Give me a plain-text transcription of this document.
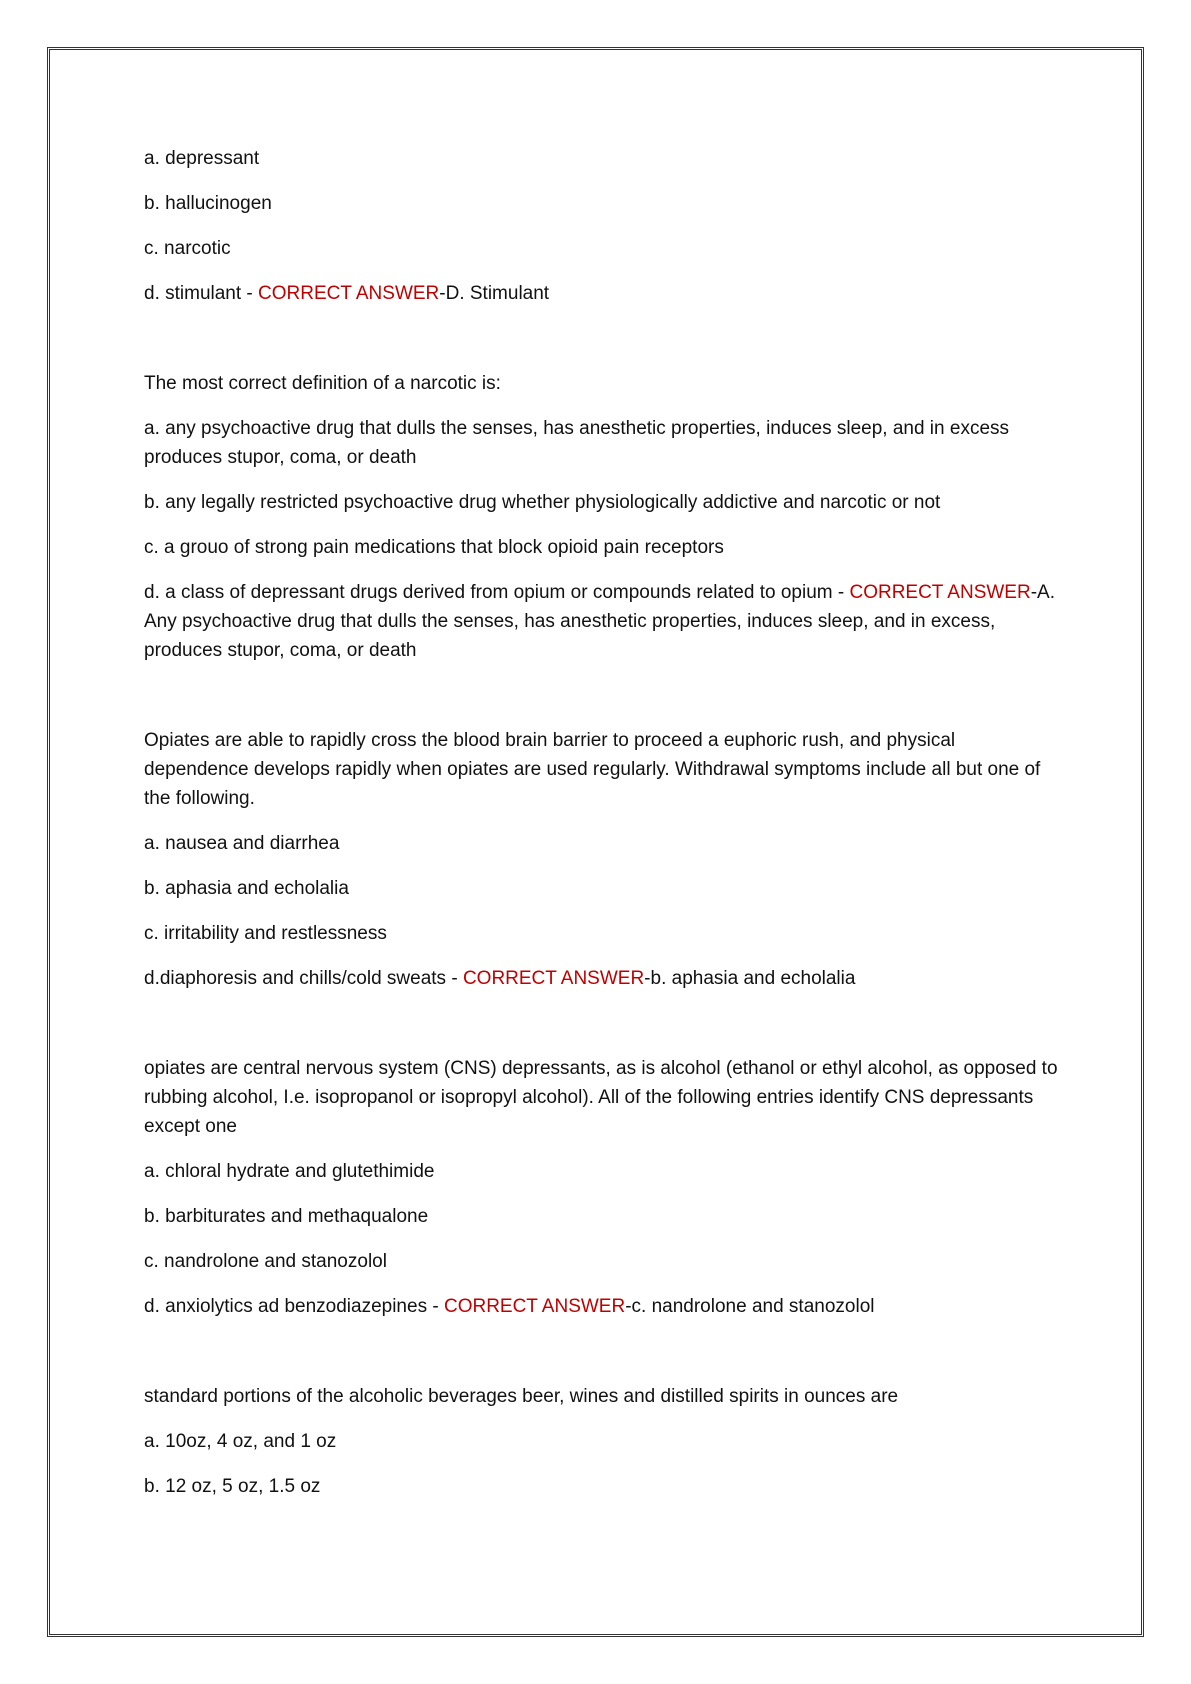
a. depressant

b. hallucinogen

c. narcotic

d. stimulant - CORRECT ANSWER-D. Stimulant

The most correct definition of a narcotic is:

a. any psychoactive drug that dulls the senses, has anesthetic properties, induces sleep, and in excess produces stupor, coma, or death

b. any legally restricted psychoactive drug whether physiologically addictive and narcotic or not

c. a grouo of strong pain medications that block opioid pain receptors

d. a class of depressant drugs derived from opium or compounds related to opium - CORRECT ANSWER-A. Any psychoactive drug that dulls the senses, has anesthetic properties, induces sleep, and in excess, produces stupor, coma, or death

Opiates are able to rapidly cross the blood brain barrier to proceed a euphoric rush, and physical dependence develops rapidly when opiates are used regularly. Withdrawal symptoms include all but one of the following.

a. nausea and diarrhea

b. aphasia and echolalia

c. irritability and restlessness

d.diaphoresis and chills/cold sweats - CORRECT ANSWER-b. aphasia and echolalia

opiates are central nervous system (CNS) depressants, as is alcohol (ethanol or ethyl alcohol, as opposed to rubbing alcohol, I.e. isopropanol or isopropyl alcohol). All of the following entries identify CNS depressants except one

a. chloral hydrate and glutethimide

b. barbiturates and methaqualone

c. nandrolone and stanozolol

d. anxiolytics ad benzodiazepines - CORRECT ANSWER-c. nandrolone and stanozolol

standard portions of the alcoholic beverages beer, wines and distilled spirits in ounces are

a. 10oz, 4 oz, and 1 oz

b. 12 oz, 5 oz, 1.5 oz
